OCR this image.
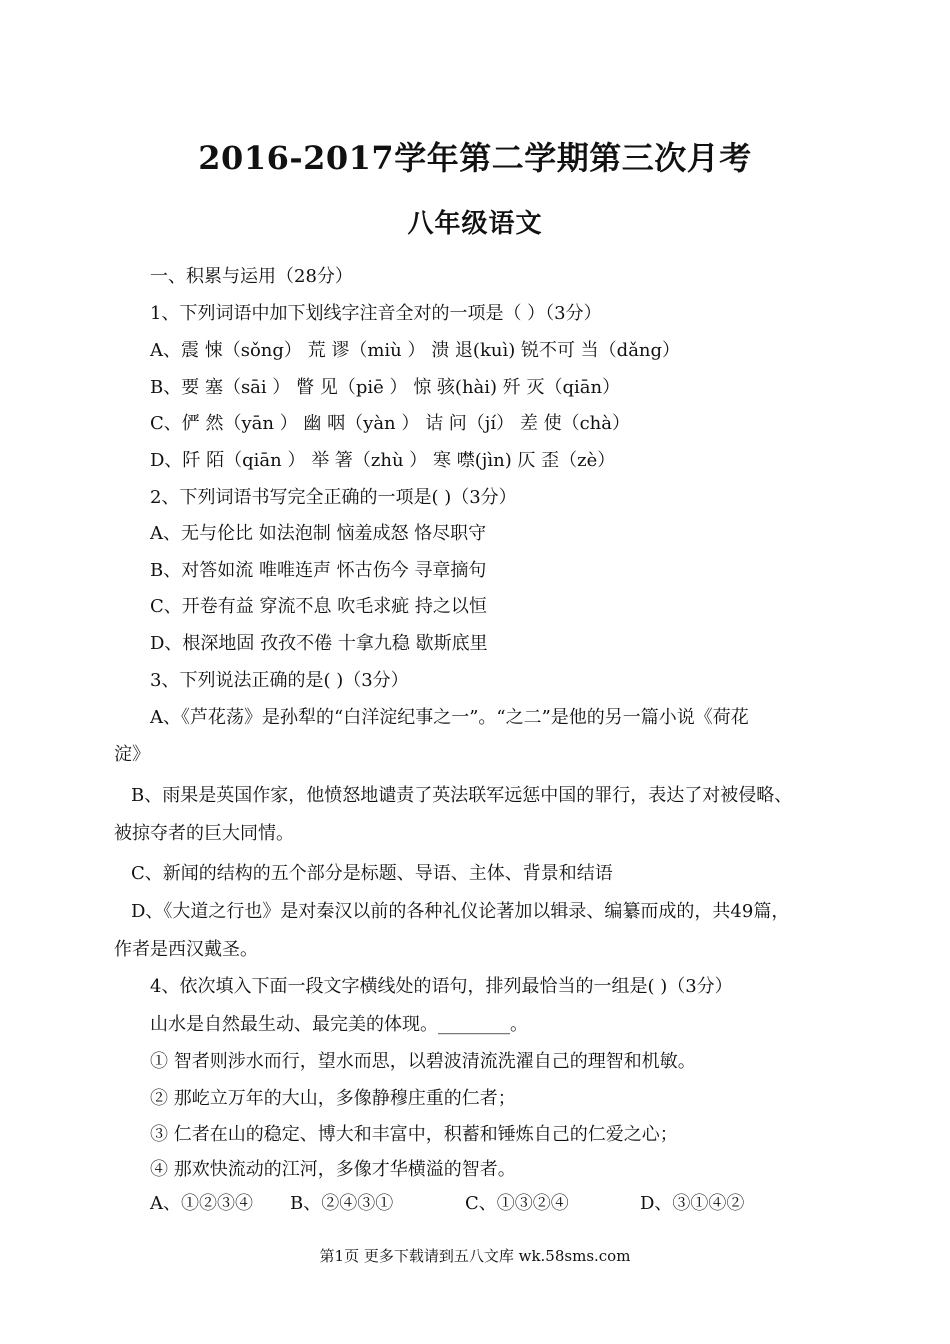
2016-2017学年第二学期第三次月考
八年级语文
一、积累与运用（28分）
1、下列词语中加下划线字注音全对的一项是（ ）（3分）
A、震 悚（sǒng） 荒 谬（miù ） 溃 退(kuì) 锐不可 当（dǎng）
B、要 塞（sāi ） 瞥 见（piē ） 惊 骇(hài) 歼 灭（qiān）
C、俨 然（yān ） 幽 咽（yàn ） 诘 问（jí） 差 使（chà）
D、阡 陌（qiān ） 举 箸（zhù ） 寒 噤(jìn) 仄 歪（zè）
2、下列词语书写完全正确的一项是( )（3分）
A、无与伦比 如法泡制 恼羞成怒 恪尽职守
B、对答如流 唯唯连声 怀古伤今 寻章摘句
C、开卷有益 穿流不息 吹毛求疵 持之以恒
D、根深地固 孜孜不倦 十拿九稳 歇斯底里
3、下列说法正确的是( )（3分）
A、《芦花荡》是孙犁的“白洋淀纪事之一”。“之二”是他的另一篇小说《荷花
淀》
B、雨果是英国作家，他愤怒地谴责了英法联军远惩中国的罪行，表达了对被侵略、
被掠夺者的巨大同情。
C、新闻的结构的五个部分是标题、导语、主体、背景和结语
D、《大道之行也》是对秦汉以前的各种礼仪论著加以辑录、编纂而成的，共49篇，
作者是西汉戴圣。
4、依次填入下面一段文字横线处的语句，排列最恰当的一组是( )（3分）
山水是自然最生动、最完美的体现。________。
① 智者则涉水而行，望水而思，以碧波清流洗濯自己的理智和机敏。
② 那屹立万年的大山，多像静穆庄重的仁者；
③ 仁者在山的稳定、博大和丰富中，积蓄和锤炼自己的仁爱之心；
④ 那欢快流动的江河，多像才华横溢的智者。
A、①②③④ B、②④③①	C、①③②④	D、③①④②
第1页 更多下载请到五八文库 wk.58sms.com
